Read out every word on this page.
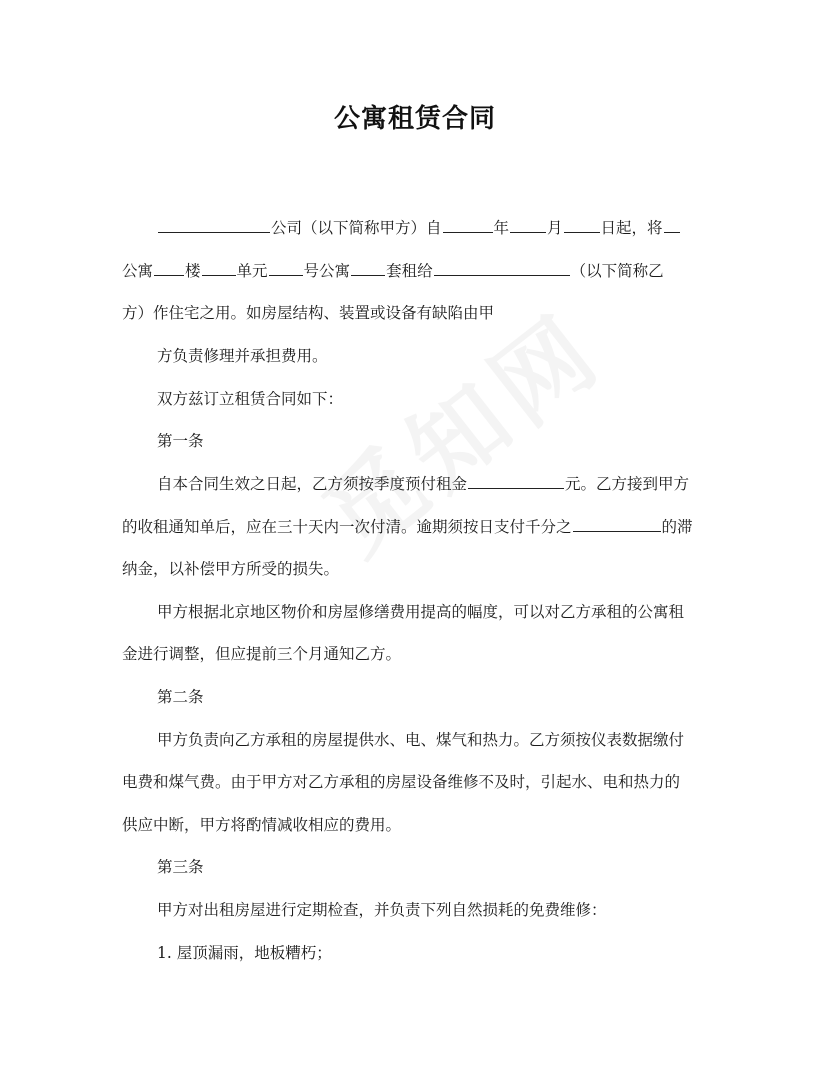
公寓租赁合同
公司（以下简称甲方）自	年 月 日起，将
公寓 楼 单元 号公寓 套租给	（以下简称乙
方）作住宅之用。如房屋结构、装置或设备有缺陷由甲
方负责修理并承担费用。
双方兹订立租赁合同如下：
第一条
自本合同生效之日起，乙方须按季度预付租金	元。乙方接到甲方
的收租通知单后，应在三十天内一次付清。逾期须按日支付千分之	的滞
纳金，以补偿甲方所受的损失。
甲方根据北京地区物价和房屋修缮费用提高的幅度，可以对乙方承租的公寓租
金进行调整，但应提前三个月通知乙方。
第二条
甲方负责向乙方承租的房屋提供水、电、煤气和热力。乙方须按仪表数据缴付
电费和煤气费。由于甲方对乙方承租的房屋设备维修不及时，引起水、电和热力的
供应中断，甲方将酌情减收相应的费用。
第三条
甲方对出租房屋进行定期检查，并负责下列自然损耗的免费维修：
1. 屋顶漏雨，地板糟朽；
